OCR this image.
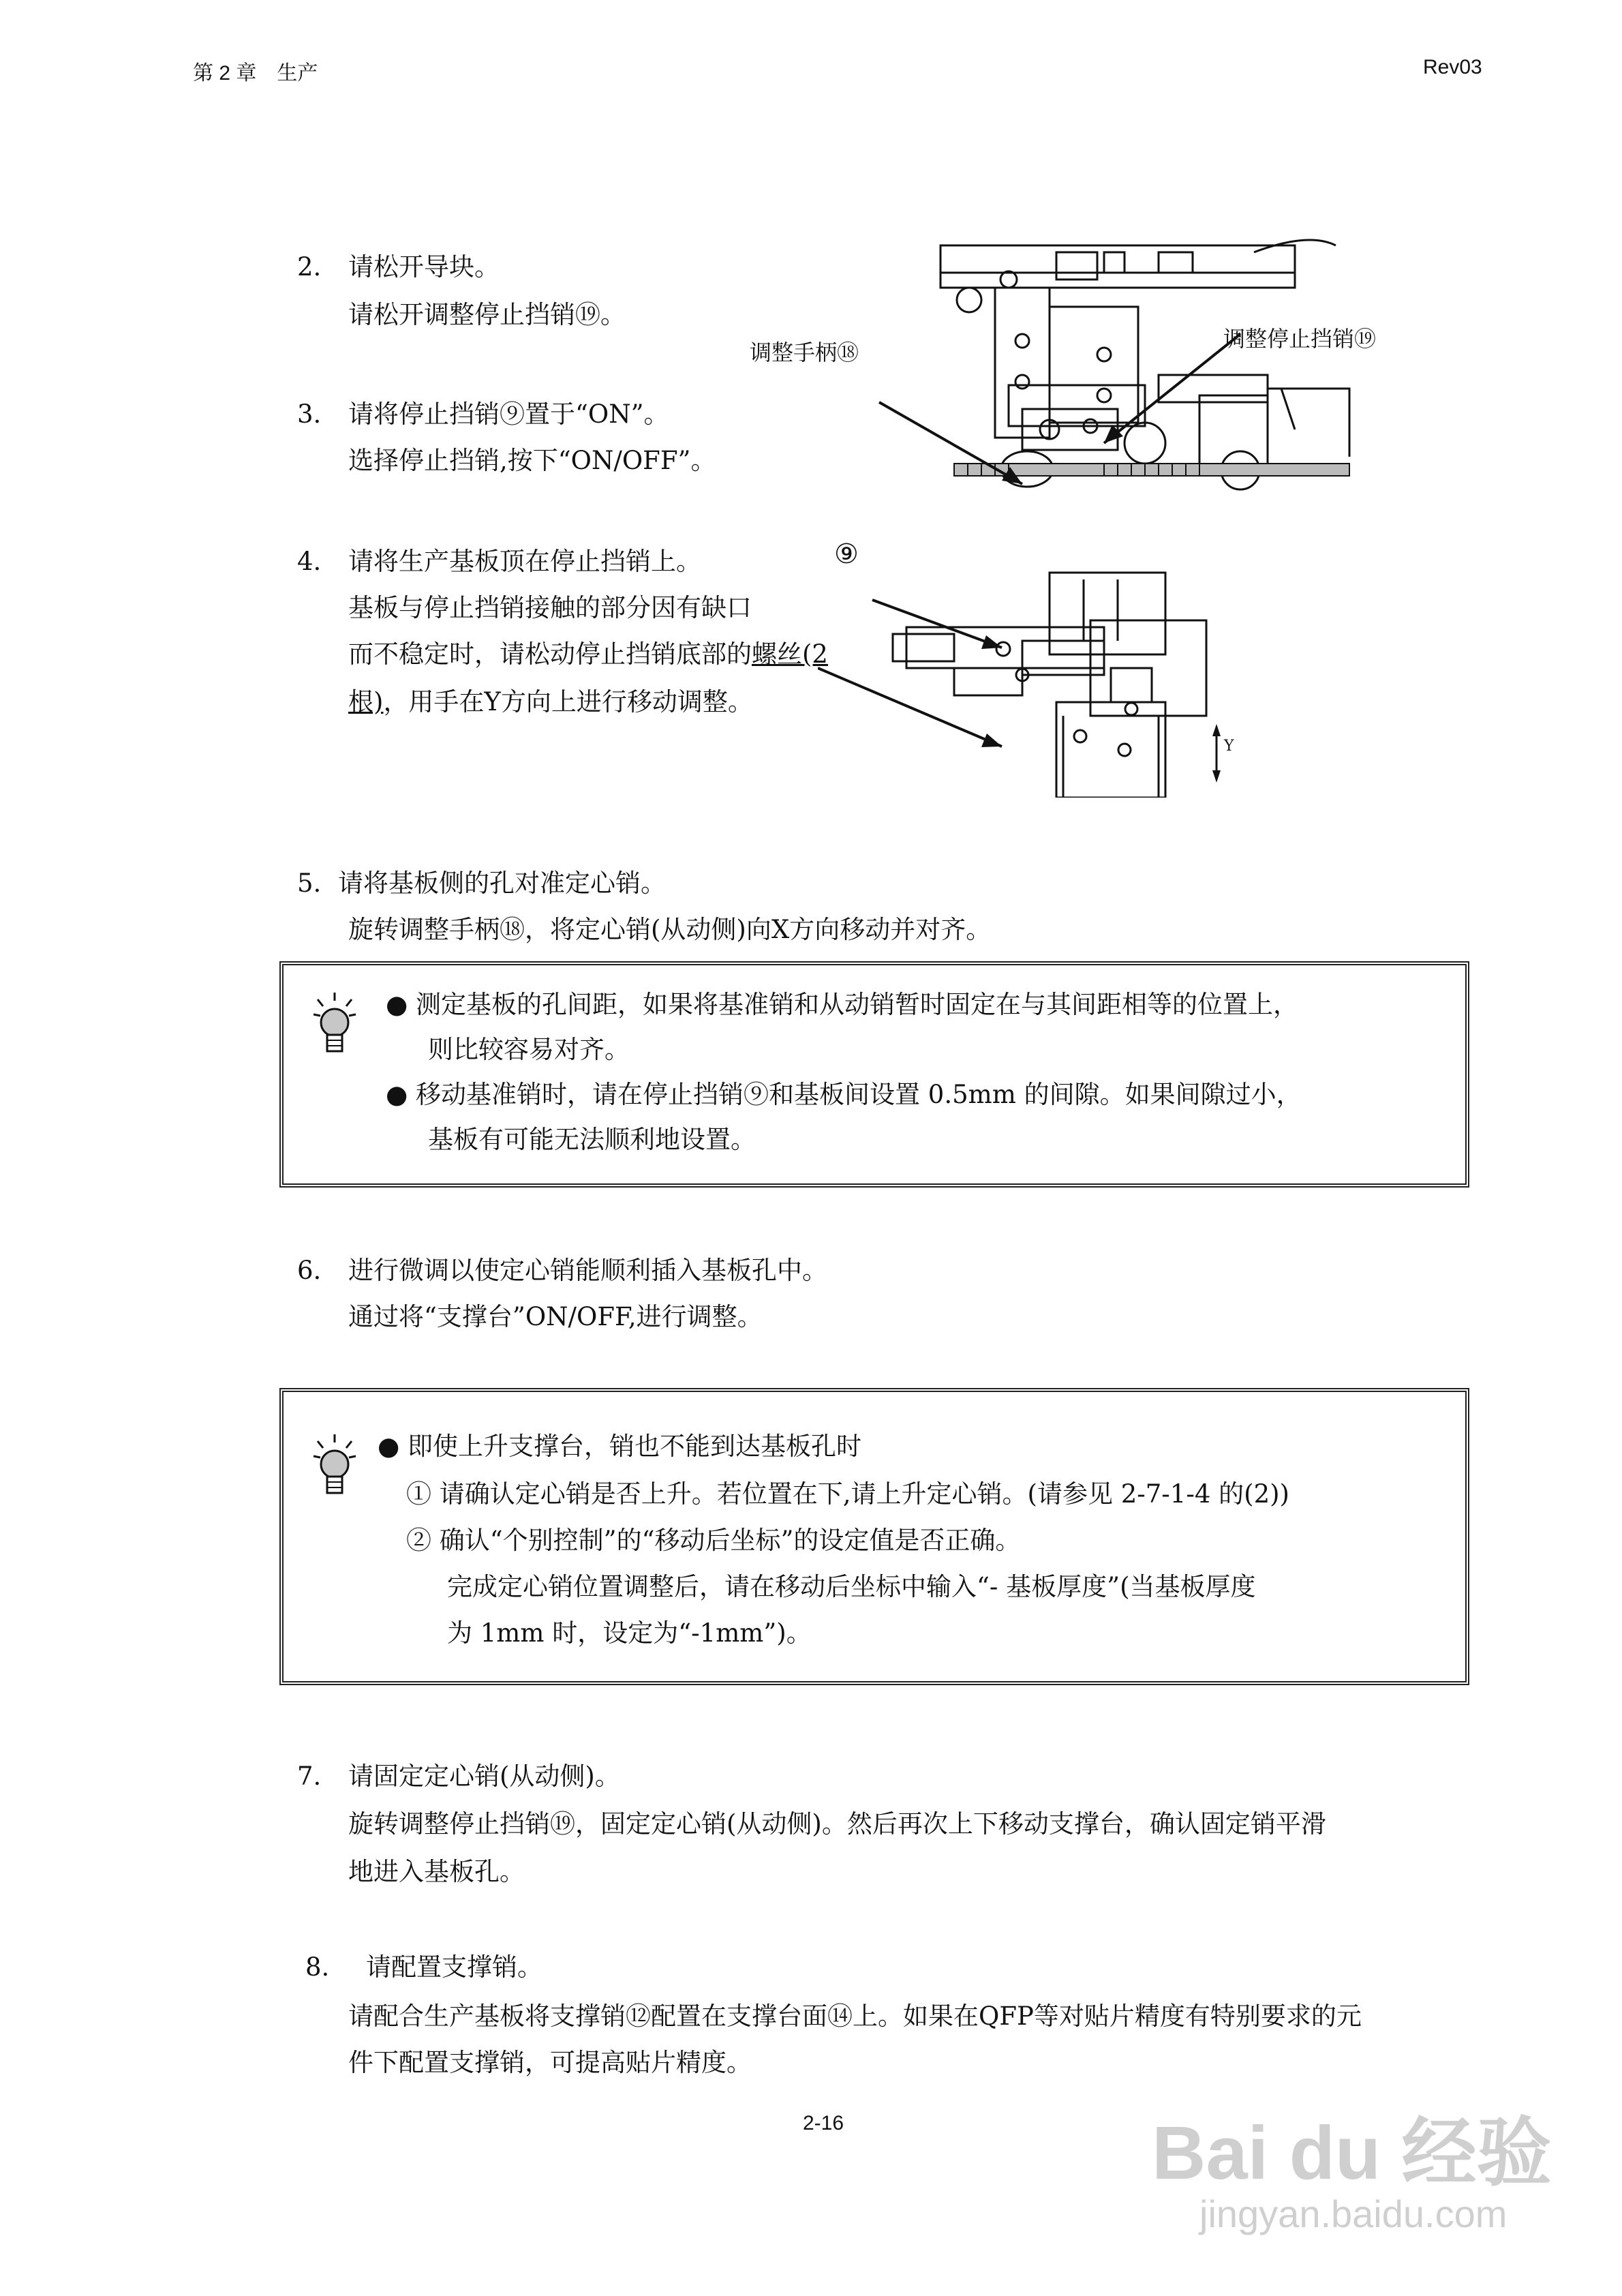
第 2 章　生产	Rev03
2. 请松开导块。
请松开调整停止挡销⑲。
3. 请将停止挡销⑨置于“ON”。
选择停止挡销,按下“ON/OFF”。
4. 请将生产基板顶在停止挡销上。
基板与停止挡销接触的部分因有缺口
而不稳定时，请松动停止挡销底部的螺丝(2
根)，用手在Y方向上进行移动调整。
调整手柄⑱
调整停止挡销⑲
⑨
Y
5. 请将基板侧的孔对准定心销。
旋转调整手柄⑱，将定心销(从动侧)向X方向移动并对齐。
● 测定基板的孔间距，如果将基准销和从动销暂时固定在与其间距相等的位置上，
则比较容易对齐。
● 移动基准销时，请在停止挡销⑨和基板间设置 0.5mm 的间隙。如果间隙过小，
基板有可能无法顺利地设置。
6. 进行微调以使定心销能顺利插入基板孔中。
通过将“支撑台”ON/OFF,进行调整。
● 即使上升支撑台，销也不能到达基板孔时
① 请确认定心销是否上升。若位置在下,请上升定心销。(请参见 2-7-1-4 的(2))
② 确认“个别控制”的“移动后坐标”的设定值是否正确。
完成定心销位置调整后，请在移动后坐标中输入“- 基板厚度”(当基板厚度
为 1mm 时，设定为“-1mm”)。
7. 请固定定心销(从动侧)。
旋转调整停止挡销⑲，固定定心销(从动侧)。然后再次上下移动支撑台，确认固定销平滑
地进入基板孔。
8. 请配置支撑销。
请配合生产基板将支撑销⑫配置在支撑台面⑭上。如果在QFP等对贴片精度有特别要求的元
件下配置支撑销，可提高贴片精度。
2-16	Bai du 经验
jingyan.baidu.com
